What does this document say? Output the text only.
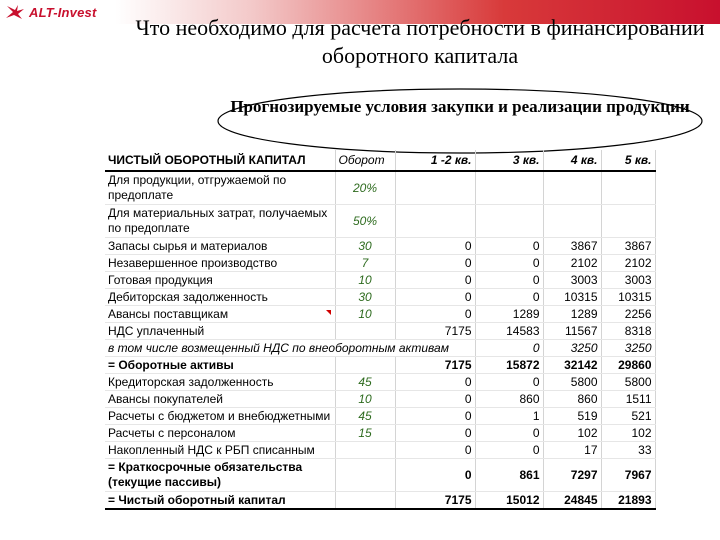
ALT-Invest
Что необходимо для расчета потребности в финансировании оборотного капитала
Прогнозируемые условия закупки и реализации продукции
ЧИСТЫЙ ОБОРОТНЫЙ КАПИТАЛ	Оборот	1 -2 кв.	3 кв.	4 кв.	5 кв.
Для продукции, отгружаемой по предоплате	20%				
Для материальных затрат, получаемых по предоплате	50%				
Запасы сырья и материалов	30	0	0	3867	3867
Незавершенное производство	7	0	0	2102	2102
Готовая продукция	10	0	0	3003	3003
Дебиторская задолженность	30	0	0	10315	10315
Авансы поставщикам	10	0	1289	1289	2256
НДС уплаченный		7175	14583	11567	8318
в том числе возмещенный НДС по внеоборотным активам			0	3250	3250
= Оборотные активы		7175	15872	32142	29860
Кредиторская задолженность	45	0	0	5800	5800
Авансы покупателей	10	0	860	860	1511
Расчеты с бюджетом и внебюджетными	45	0	1	519	521
Расчеты с персоналом	15	0	0	102	102
Накопленный НДС к РБП списанным		0	0	17	33
= Краткосрочные обязательства (текущие пассивы)		0	861	7297	7967
= Чистый оборотный капитал		7175	15012	24845	21893
